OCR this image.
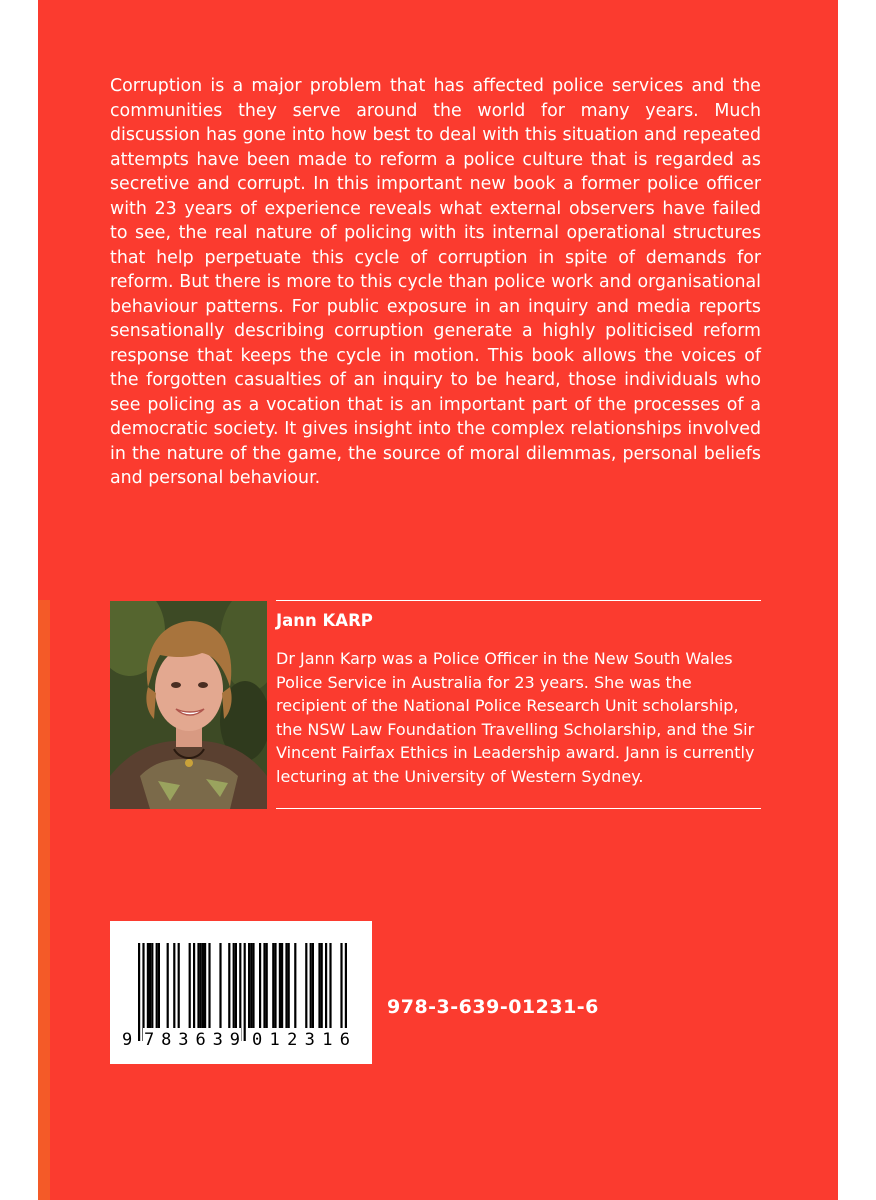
Corruption is a major problem that has affected police services and the communities they serve around the world for many years. Much discussion has gone into how best to deal with this situation and repeated attempts have been made to reform a police culture that is regarded as secretive and corrupt. In this important new book a former police officer with 23 years of experience reveals what external observers have failed to see, the real nature of policing with its internal operational structures that help perpetuate this cycle of corruption in spite of demands for reform. But there is more to this cycle than police work and organisational behaviour patterns. For public exposure in an inquiry and media reports sensationally describing corruption generate a highly politicised reform response that keeps the cycle in motion. This book allows the voices of the forgotten casualties of an inquiry to be heard, those individuals who see policing as a vocation that is an important part of the processes of a democratic society. It gives insight into the complex relationships involved in the nature of the game, the source of moral dilemmas, personal beliefs and personal behaviour.

Jann KARP

Dr Jann Karp was a Police Officer in the New South Wales Police Service in Australia for 23 years. She was the recipient of the National Police Research Unit scholarship, the NSW Law Foundation Travelling Scholarship, and the Sir Vincent Fairfax Ethics in Leadership award. Jann is currently lecturing at the University of Western Sydney.

9 783639 012316
978-3-639-01231-6
